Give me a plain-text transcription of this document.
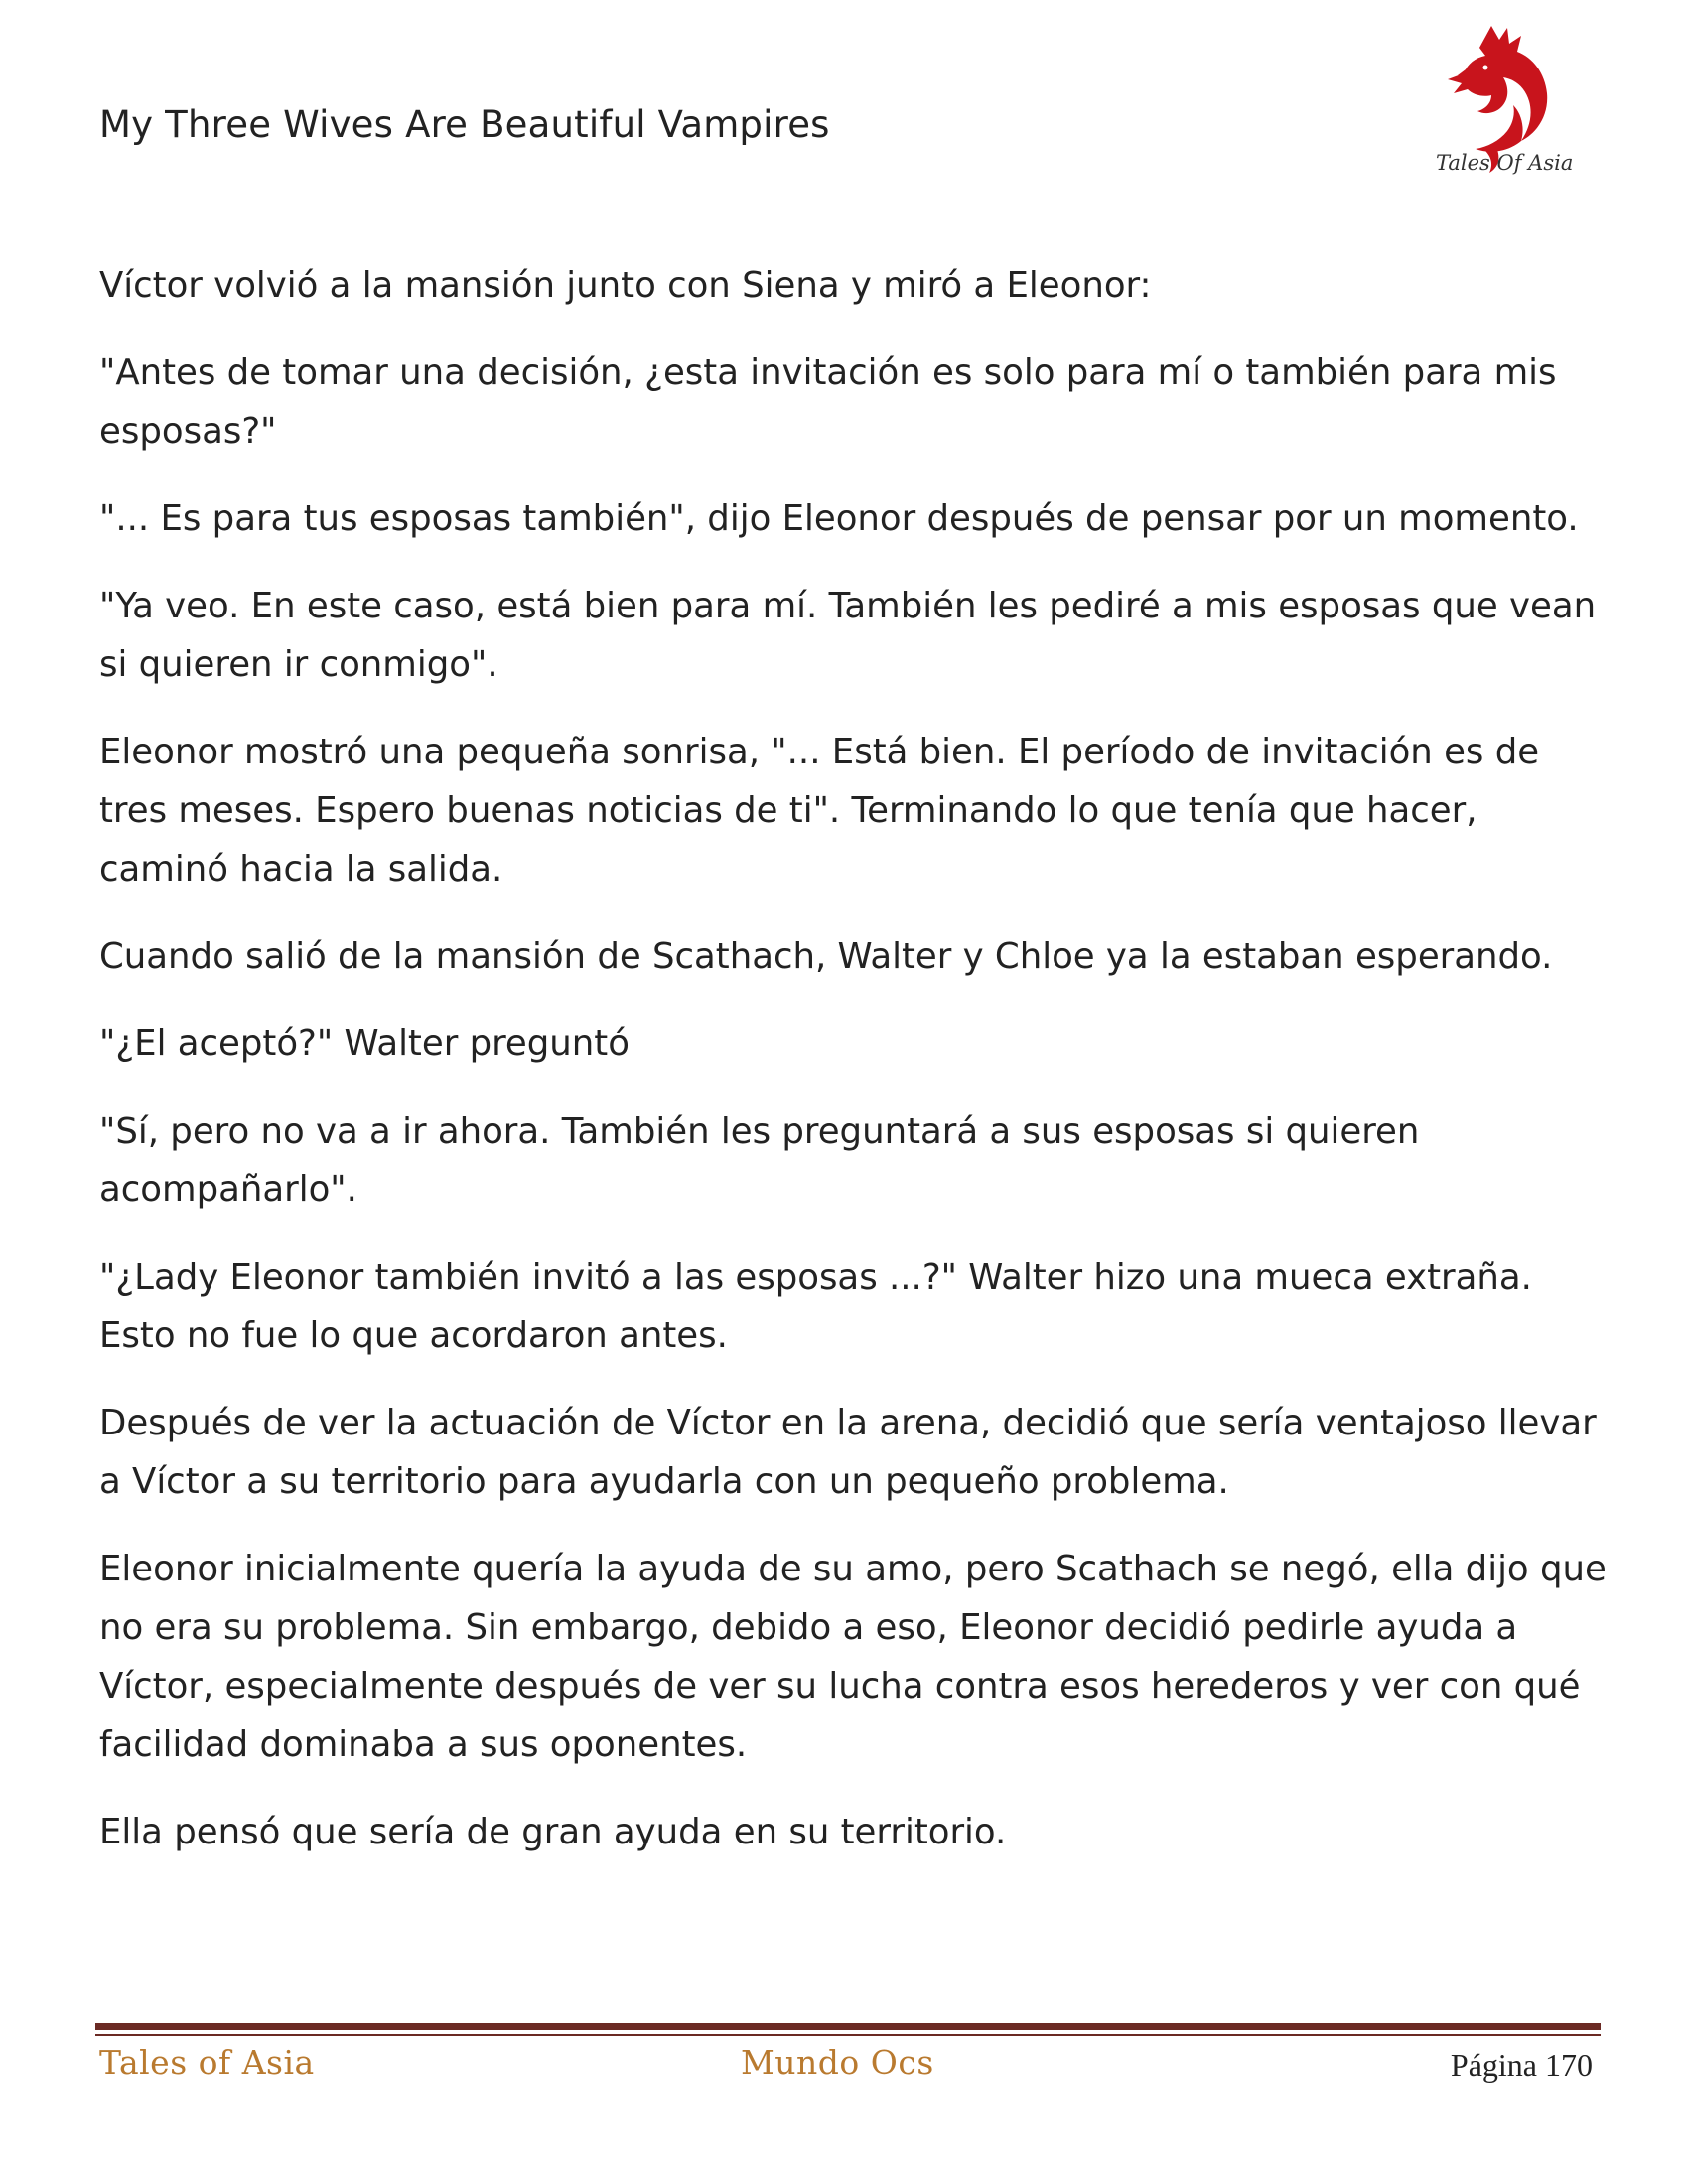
My Three Wives Are Beautiful Vampires
Tales Of Asia

Víctor volvió a la mansión junto con Siena y miró a Eleonor:

"Antes de tomar una decisión, ¿esta invitación es solo para mí o también para mis esposas?"

"... Es para tus esposas también", dijo Eleonor después de pensar por un momento.

"Ya veo. En este caso, está bien para mí. También les pediré a mis esposas que vean si quieren ir conmigo".

Eleonor mostró una pequeña sonrisa, "... Está bien. El período de invitación es de tres meses. Espero buenas noticias de ti". Terminando lo que tenía que hacer, caminó hacia la salida.

Cuando salió de la mansión de Scathach, Walter y Chloe ya la estaban esperando.

"¿El aceptó?" Walter preguntó

"Sí, pero no va a ir ahora. También les preguntará a sus esposas si quieren acompañarlo".

"¿Lady Eleonor también invitó a las esposas ...?" Walter hizo una mueca extraña. Esto no fue lo que acordaron antes.

Después de ver la actuación de Víctor en la arena, decidió que sería ventajoso llevar a Víctor a su territorio para ayudarla con un pequeño problema.

Eleonor inicialmente quería la ayuda de su amo, pero Scathach se negó, ella dijo que no era su problema. Sin embargo, debido a eso, Eleonor decidió pedirle ayuda a Víctor, especialmente después de ver su lucha contra esos herederos y ver con qué facilidad dominaba a sus oponentes.

Ella pensó que sería de gran ayuda en su territorio.

Tales of Asia	Mundo Ocs	Página 170
